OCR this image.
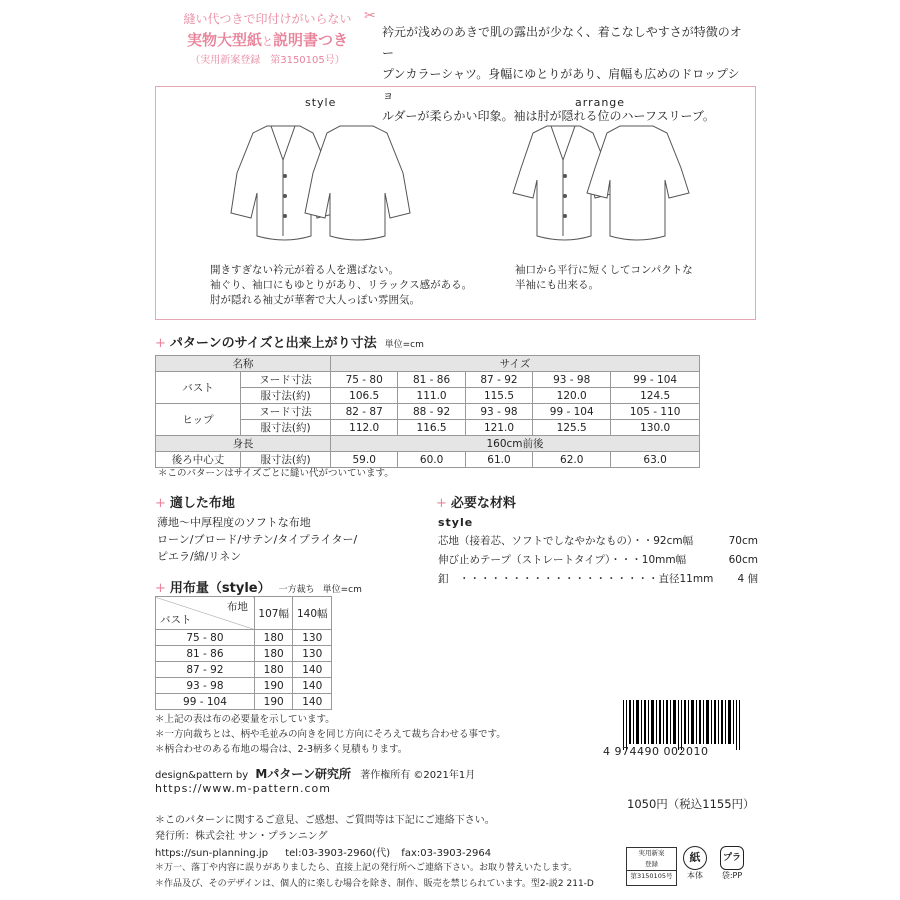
縫い代つきで印付けがいらない
実物大型紙と説明書つき
（実用新案登録　第3150105号）
✂
衿元が浅めのあきで肌の露出が少なく、着こなしやすさが特徴のオー
プンカラーシャツ。身幅にゆとりがあり、肩幅も広めのドロップショ
ルダーが柔らかい印象。袖は肘が隠れる位のハーフスリーブ。
style	arrange
開きすぎない衿元が着る人を選ばない。
袖ぐり、袖口にもゆとりがあり、リラックス感がある。
肘が隠れる袖丈が華奢で大人っぽい雰囲気。
袖口から平行に短くしてコンパクトな
半袖にも出来る。
+ パターンのサイズと出来上がり寸法 単位=cm
名称		サイズ				
バスト	ヌード寸法	75 - 80	81 - 86	87 - 92	93 - 98	99 - 104
	服寸法(約)	106.5	111.0	115.5	120.0	124.5
ヒップ	ヌード寸法	82 - 87	88 - 92	93 - 98	99 - 104	105 - 110
	服寸法(約)	112.0	116.5	121.0	125.5	130.0
身長		160cm前後				
後ろ中心丈	服寸法(約)	59.0	60.0	61.0	62.0	63.0
＊このパターンはサイズごとに縫い代がついています。
+ 適した布地
薄地～中厚程度のソフトな布地
ローン/ブロード/サテン/タイプライター/
ピエラ/綿/リネン
+ 用布量（style） 一方裁ち 単位=cm
布地
バスト	107幅	140幅
75 - 80	180	130
81 - 86	180	130
87 - 92	180	140
93 - 98	190	140
99 - 104	190	140
＊上記の表は布の必要量を示しています。
＊一方向裁ちとは、柄や毛並みの向きを同じ方向にそろえて裁ち合わせる事です。
＊柄合わせのある布地の場合は、2-3柄多く見積もります。
+ 必要な材料
style
芯地（接着芯、ソフトでしなやかなもの）・・92cm幅	70cm
伸び止めテープ（ストレートタイプ）・・・10mm幅	60cm
釦　・・・・・・・・・・・・・・・・・・・直径11mm 4 個
4 974490 002010
design&pattern by Mパターン研究所 著作権所有 ©2021年1月
https://www.m-pattern.com
1050円（税込1155円）
＊このパターンに関するご意見、ご感想、ご質問等は下記にご連絡下さい。
発行所：株式会社 サン・プランニング
https://sun-planning.jp tel:03-3903-2960(代) fax:03-3903-2964
＊万一、落丁や内容に誤りがありましたら、直接上記の発行所へご連絡下さい。お取り替えいたします。
＊作品及び、そのデザインは、個人的に楽しむ場合を除き、制作、販売を禁じられています。型2-説2 211-D
実用新案
登録
第3150105号
紙
本体
プラ
袋:PP
